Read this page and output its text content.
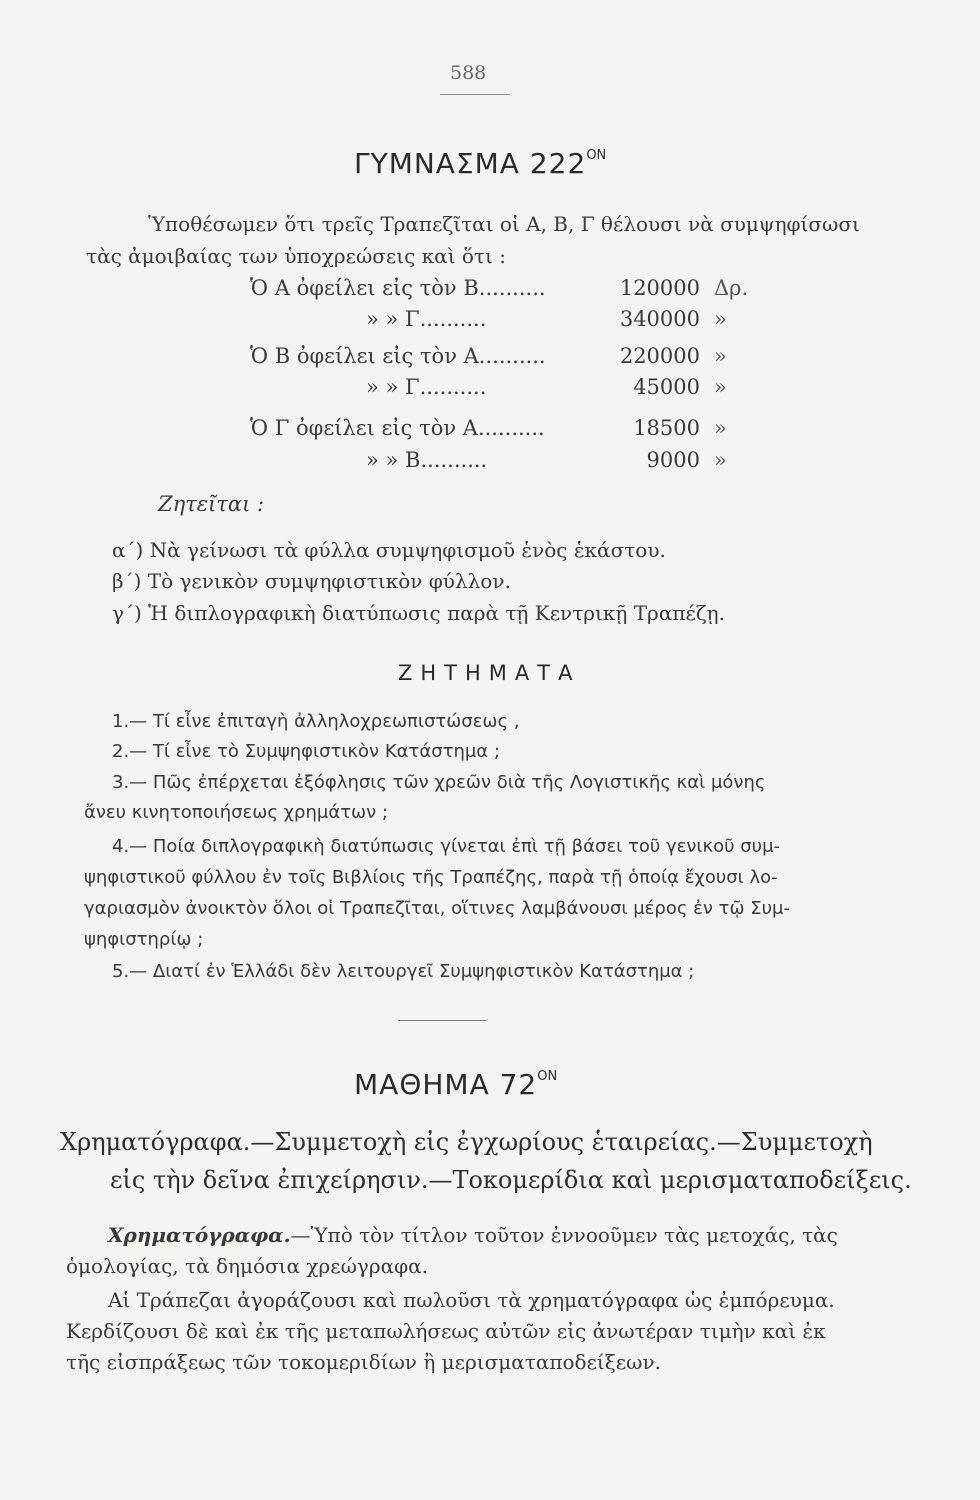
588
ΓΥΜΝΑΣΜΑ $222^{ON}$
Ὑποθέσωμεν ὅτι τρεῖς Τραπεζῖται οἱ Α, Β, Γ θέλουσι νὰ συμψηφίσωσι
τὰς ἀμοιβαίας των ὑποχρεώσεις καὶ ὅτι :
Ὁ Α ὀφείλει εἰς τὸν Β..........	120000 Δρ.
» » Γ..........	340000 »
Ὁ Β ὀφείλει εἰς τὸν Α..........	220000 »
» » Γ..........	45000 »
Ὁ Γ ὀφείλει εἰς τὸν Α..........	18500 »
» » Β..........	9000 »
Ζητεῖται :
α΄) Νὰ γείνωσι τὰ φύλλα συμψηφισμοῦ ἑνὸς ἑκάστου.
β΄) Τὸ γενικὸν συμψηφιστικὸν φύλλον.
γ΄) Ἡ διπλογραφικὴ διατύπωσις παρὰ τῇ Κεντρικῇ Τραπέζῃ.
ΖΗΤΗΜΑΤΑ
1.— Τί εἶνε ἐπιταγὴ ἀλληλοχρεωπιστώσεως ,
2.— Τί εἶνε τὸ Συμψηφιστικὸν Κατάστημα ;
3.— Πῶς ἐπέρχεται ἐξόφλησις τῶν χρεῶν διὰ τῆς Λογιστικῆς καὶ μόνης
ἄνευ κινητοποιήσεως χρημάτων ;
4.— Ποία διπλογραφικὴ διατύπωσις γίνεται ἐπὶ τῇ βάσει τοῦ γενικοῦ συμ-
ψηφιστικοῦ φύλλου ἐν τοῖς Βιβλίοις τῆς Τραπέζης, παρὰ τῇ ὁποίᾳ ἔχουσι λο-
γαριασμὸν ἀνοικτὸν ὅλοι οἱ Τραπεζῖται, οἵτινες λαμβάνουσι μέρος ἐν τῷ Συμ-
ψηφιστηρίῳ ;
5.— Διατί ἐν Ἑλλάδι δὲν λειτουργεῖ Συμψηφιστικὸν Κατάστημα ;
ΜΑΘΗΜΑ $72^{ON}$
Χρηματόγραφα.—Συμμετοχὴ εἰς ἐγχωρίους ἑταιρείας.—Συμμετοχὴ
εἰς τὴν δεῖνα ἐπιχείρησιν.—Τοκομερίδια καὶ μερισματαποδείξεις.
Χρηματόγραφα.—Ὑπὸ τὸν τίτλον τοῦτον ἐννοοῦμεν τὰς μετοχάς, τὰς
ὁμολογίας, τὰ δημόσια χρεώγραφα.
Αἱ Τράπεζαι ἀγοράζουσι καὶ πωλοῦσι τὰ χρηματόγραφα ὡς ἐμπόρευμα.
Κερδίζουσι δὲ καὶ ἐκ τῆς μεταπωλήσεως αὐτῶν εἰς ἀνωτέραν τιμὴν καὶ ἐκ
τῆς εἰσπράξεως τῶν τοκομεριδίων ἢ μερισματαποδείξεων.
